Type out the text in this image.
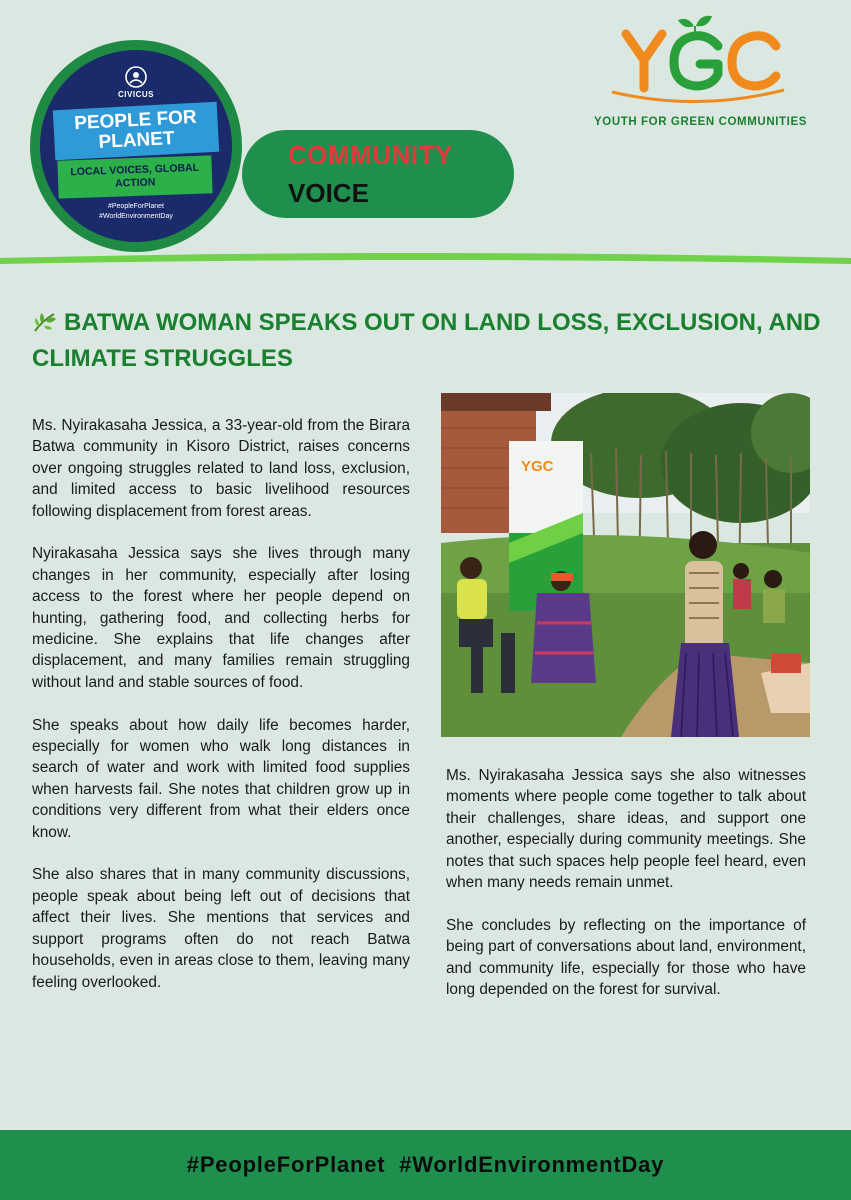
CIVICUS
PEOPLE FOR PLANET
LOCAL VOICES, GLOBAL ACTION
#PeopleForPlanet
#WorldEnvironmentDay
COMMUNITY
VOICE
YOUTH FOR GREEN COMMUNITIES
BATWA WOMAN SPEAKS OUT ON LAND LOSS, EXCLUSION, AND CLIMATE STRUGGLES
YGC

Ms. Nyirakasaha Jessica, a 33-year-old from the Birara Batwa community in Kisoro District, raises concerns over ongoing struggles related to land loss, exclusion, and limited access to basic livelihood resources following displacement from forest areas.

Nyirakasaha Jessica says she lives through many changes in her community, especially after losing access to the forest where her people depend on hunting, gathering food, and collecting herbs for medicine. She explains that life changes after displacement, and many families remain struggling without land and stable sources of food.

She speaks about how daily life becomes harder, especially for women who walk long distances in search of water and work with limited food supplies when harvests fail. She notes that children grow up in conditions very different from what their elders once know.

She also shares that in many community discussions, people speak about being left out of decisions that affect their lives. She mentions that services and support programs often do not reach Batwa households, even in areas close to them, leaving many feeling overlooked.

Ms. Nyirakasaha Jessica says she also witnesses moments where people come together to talk about their challenges, share ideas, and support one another, especially during community meetings. She notes that such spaces help people feel heard, even when many needs remain unmet.

She concludes by reflecting on the importance of being part of conversations about land, environment, and community life, especially for those who have long depended on the forest for survival.

#PeopleForPlanet  #WorldEnvironmentDay
